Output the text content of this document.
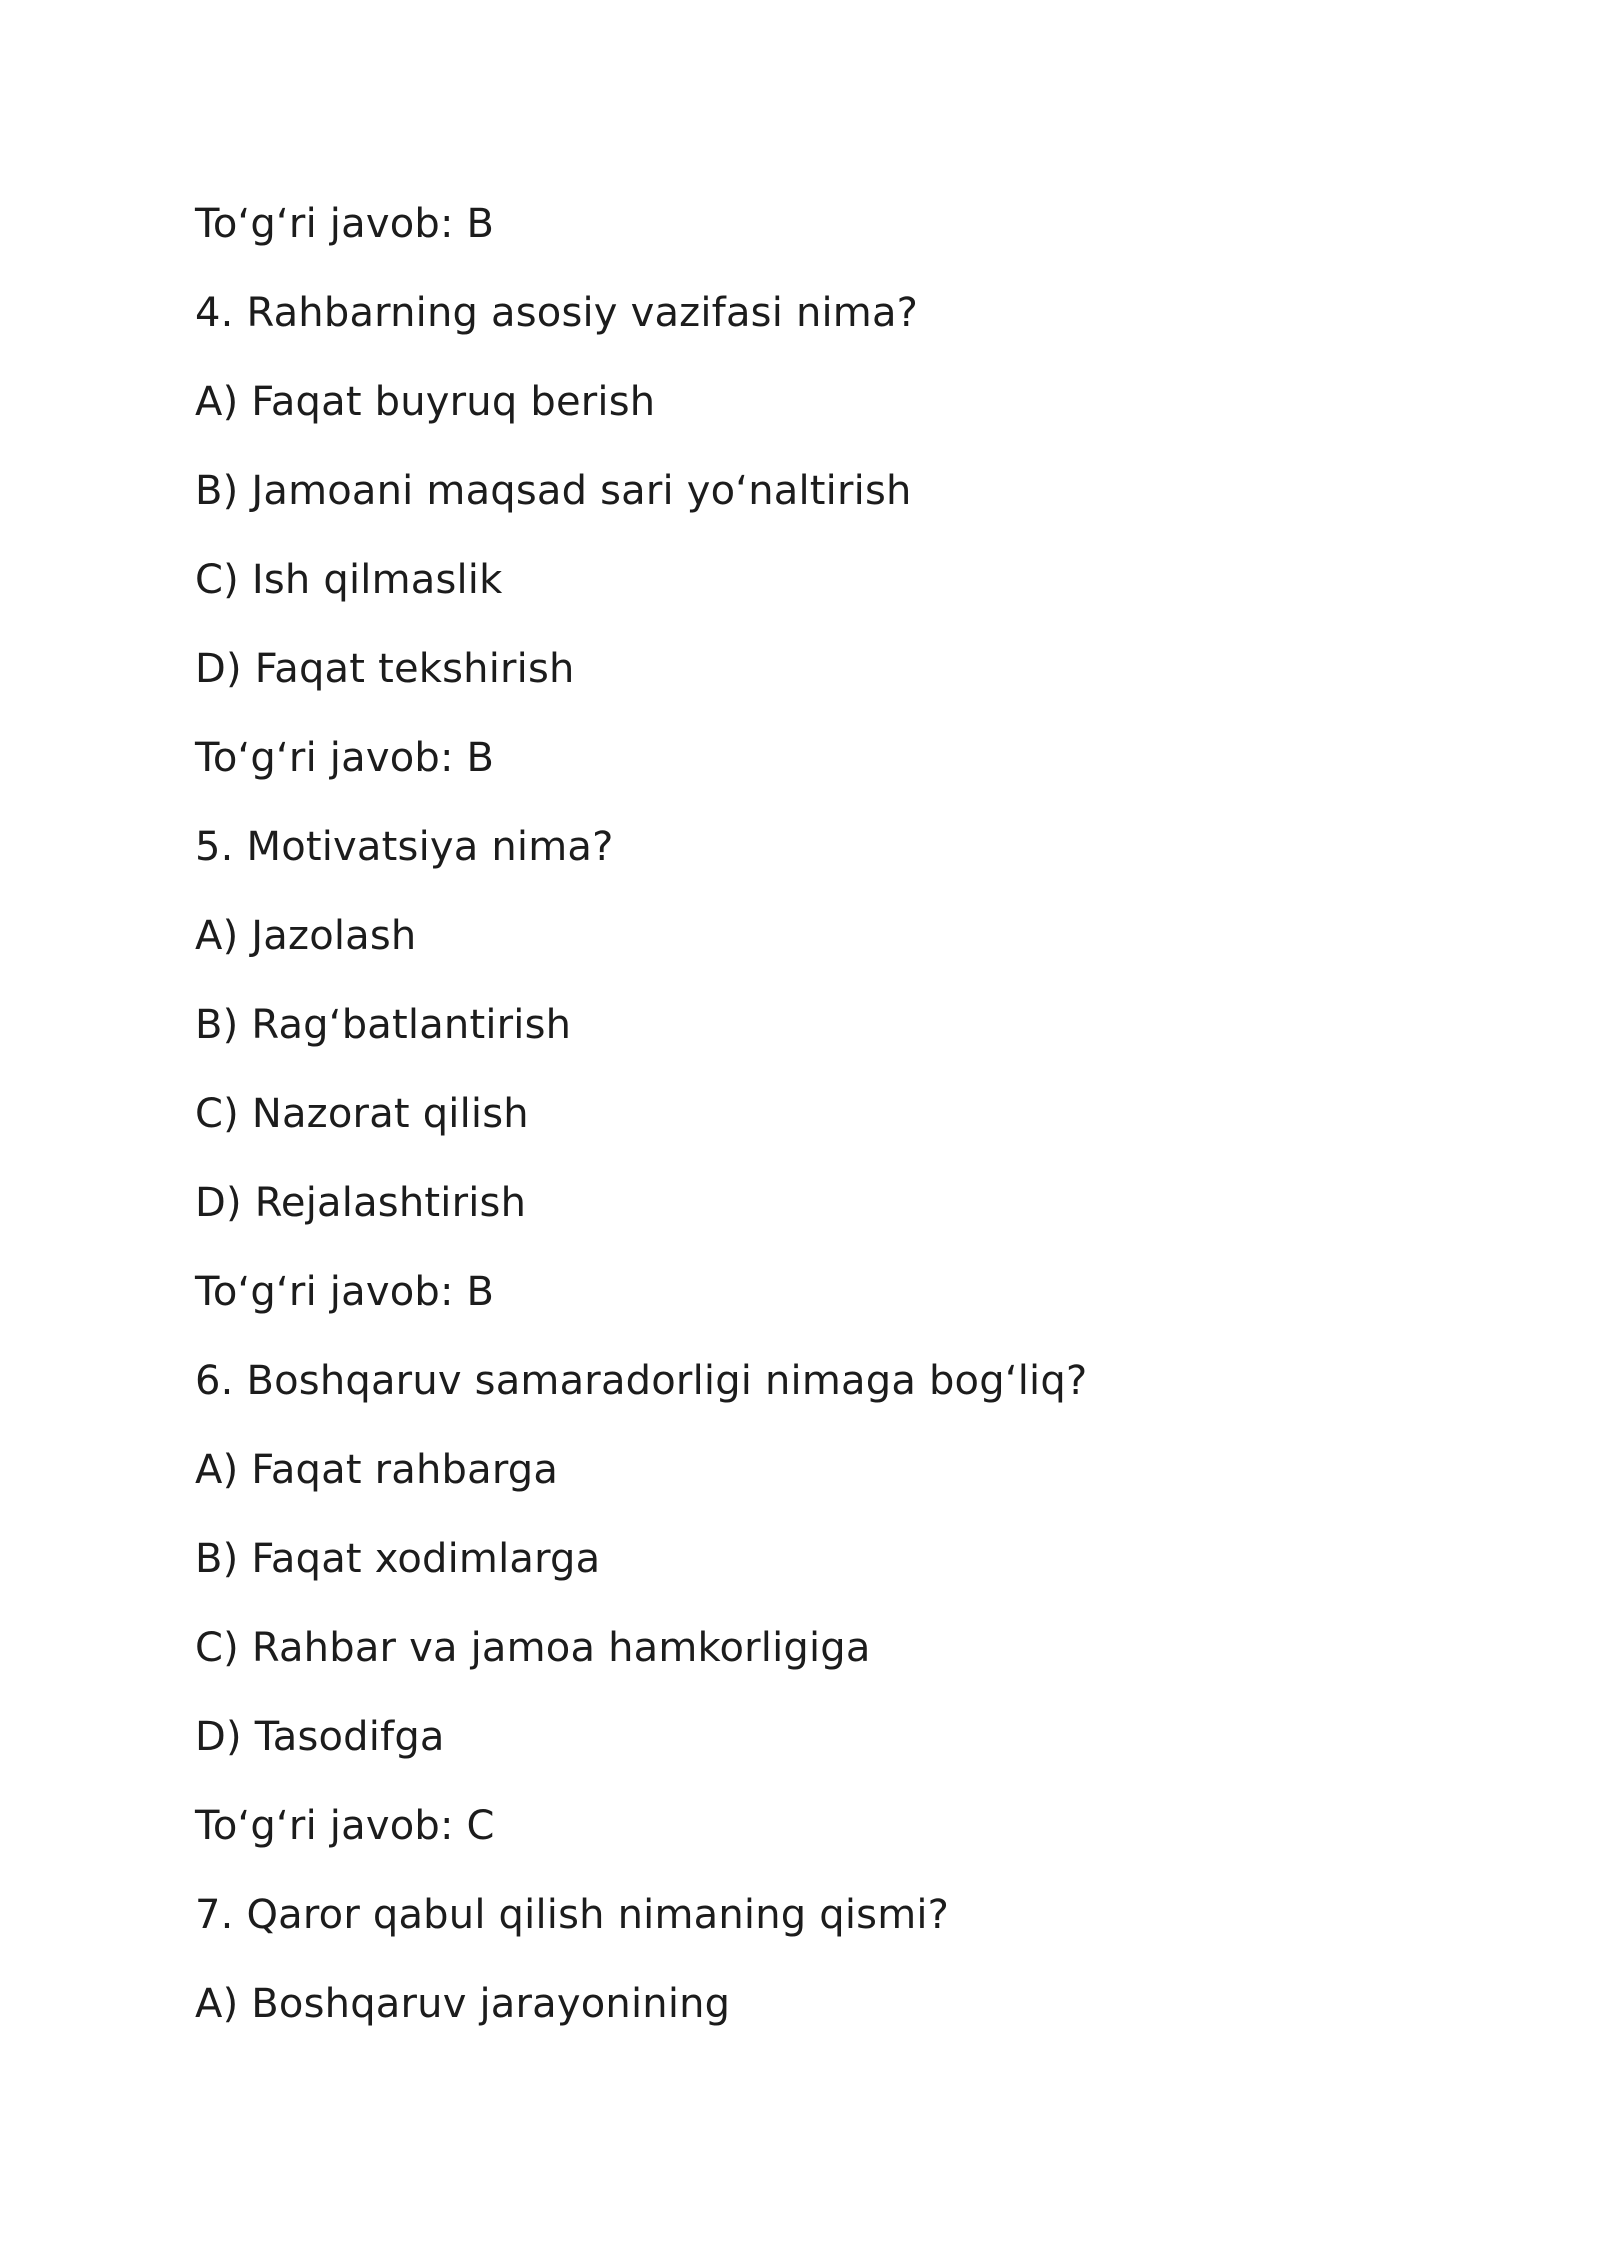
To‘g‘ri javob: B

4. Rahbarning asosiy vazifasi nima?

A) Faqat buyruq berish

B) Jamoani maqsad sari yo‘naltirish

C) Ish qilmaslik

D) Faqat tekshirish

To‘g‘ri javob: B

5. Motivatsiya nima?

A) Jazolash

B) Rag‘batlantirish

C) Nazorat qilish

D) Rejalashtirish

To‘g‘ri javob: B

6. Boshqaruv samaradorligi nimaga bog‘liq?

A) Faqat rahbarga

B) Faqat xodimlarga

C) Rahbar va jamoa hamkorligiga

D) Tasodifga

To‘g‘ri javob: C

7. Qaror qabul qilish nimaning qismi?

A) Boshqaruv jarayonining
